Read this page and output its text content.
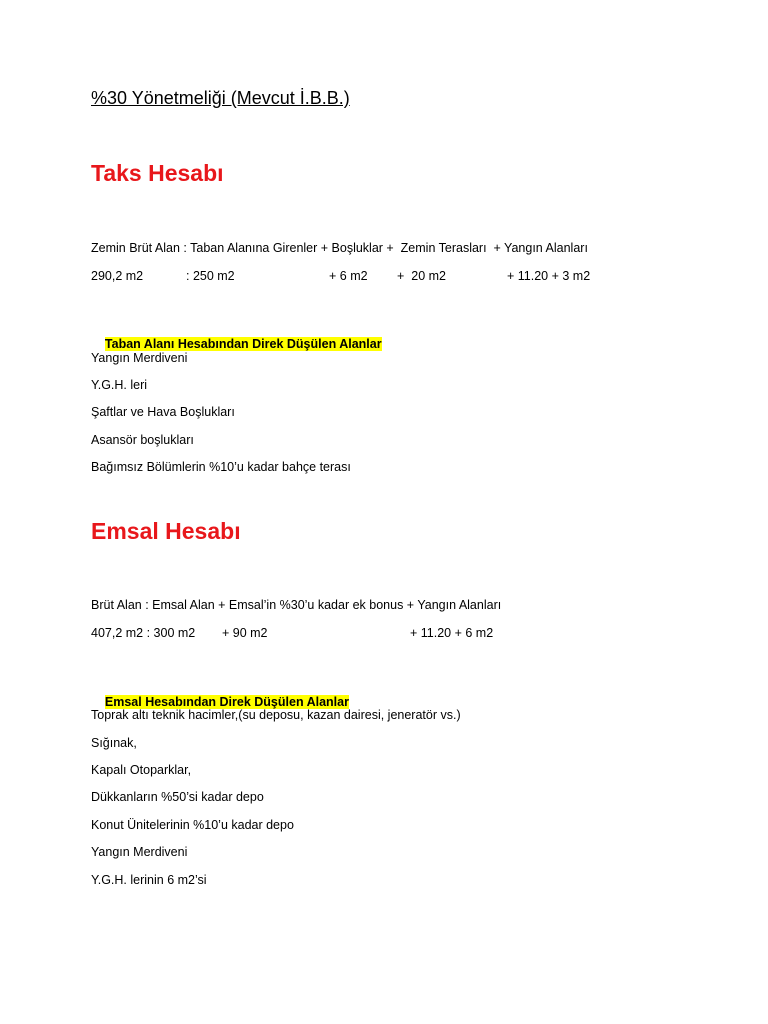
%30 Yönetmeliği (Mevcut İ.B.B.)
Taks Hesabı
Zemin Brüt Alan : Taban Alanına Girenler + Boşluklar +  Zemin Terasları  + Yangın Alanları
290,2 m2	: 250 m2	+ 6 m2 +  20 m2	+ 11.20 + 3 m2

Taban Alanı Hesabından Direk Düşülen Alanlar

Yangın Merdiveni
Y.G.H. leri
Şaftlar ve Hava Boşlukları
Asansör boşlukları
Bağımsız Bölümlerin %10’u kadar bahçe terası
Emsal Hesabı
Brüt Alan : Emsal Alan + Emsal’in %30’u kadar ek bonus + Yangın Alanları
407,2 m2 : 300 m2 + 90 m2	+ 11.20 + 6 m2

Emsal Hesabından Direk Düşülen Alanlar

Toprak altı teknik hacimler,(su deposu, kazan dairesi, jeneratör vs.)
Sığınak,
Kapalı Otoparklar,
Dükkanların %50’si kadar depo
Konut Ünitelerinin %10’u kadar depo
Yangın Merdiveni
Y.G.H. lerinin 6 m2’si
